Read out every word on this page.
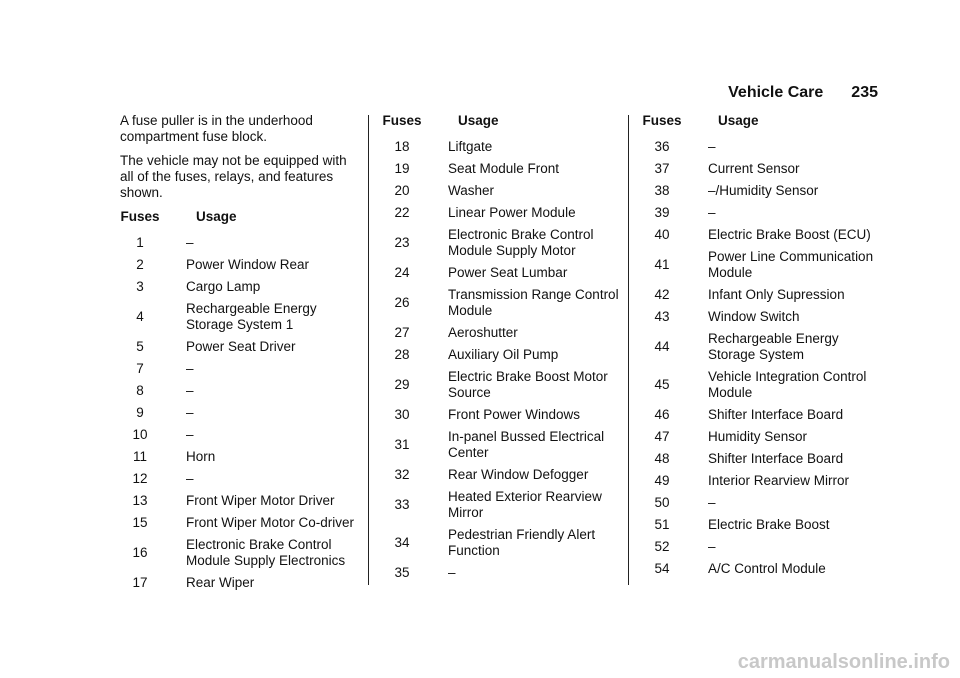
Vehicle Care 235

A fuse puller is in the underhood compartment fuse block.

The vehicle may not be equipped with all of the fuses, relays, and features shown.

Fuses	Usage
1	–
2	Power Window Rear
3	Cargo Lamp
4	Rechargeable Energy Storage System 1
5	Power Seat Driver
7	–
8	–
9	–
10	–
11	Horn
12	–
13	Front Wiper Motor Driver
15	Front Wiper Motor Co-driver
16	Electronic Brake Control Module Supply Electronics
17	Rear Wiper
Fuses	Usage
18	Liftgate
19	Seat Module Front
20	Washer
22	Linear Power Module
23	Electronic Brake Control Module Supply Motor
24	Power Seat Lumbar
26	Transmission Range Control Module
27	Aeroshutter
28	Auxiliary Oil Pump
29	Electric Brake Boost Motor Source
30	Front Power Windows
31	In-panel Bussed Electrical Center
32	Rear Window Defogger
33	Heated Exterior Rearview Mirror
34	Pedestrian Friendly Alert Function
35	–
Fuses	Usage
36	–
37	Current Sensor
38	–/Humidity Sensor
39	–
40	Electric Brake Boost (ECU)
41	Power Line Communication Module
42	Infant Only Supression
43	Window Switch
44	Rechargeable Energy Storage System
45	Vehicle Integration Control Module
46	Shifter Interface Board
47	Humidity Sensor
48	Shifter Interface Board
49	Interior Rearview Mirror
50	–
51	Electric Brake Boost
52	–
54	A/C Control Module
carmanualsonline.info
